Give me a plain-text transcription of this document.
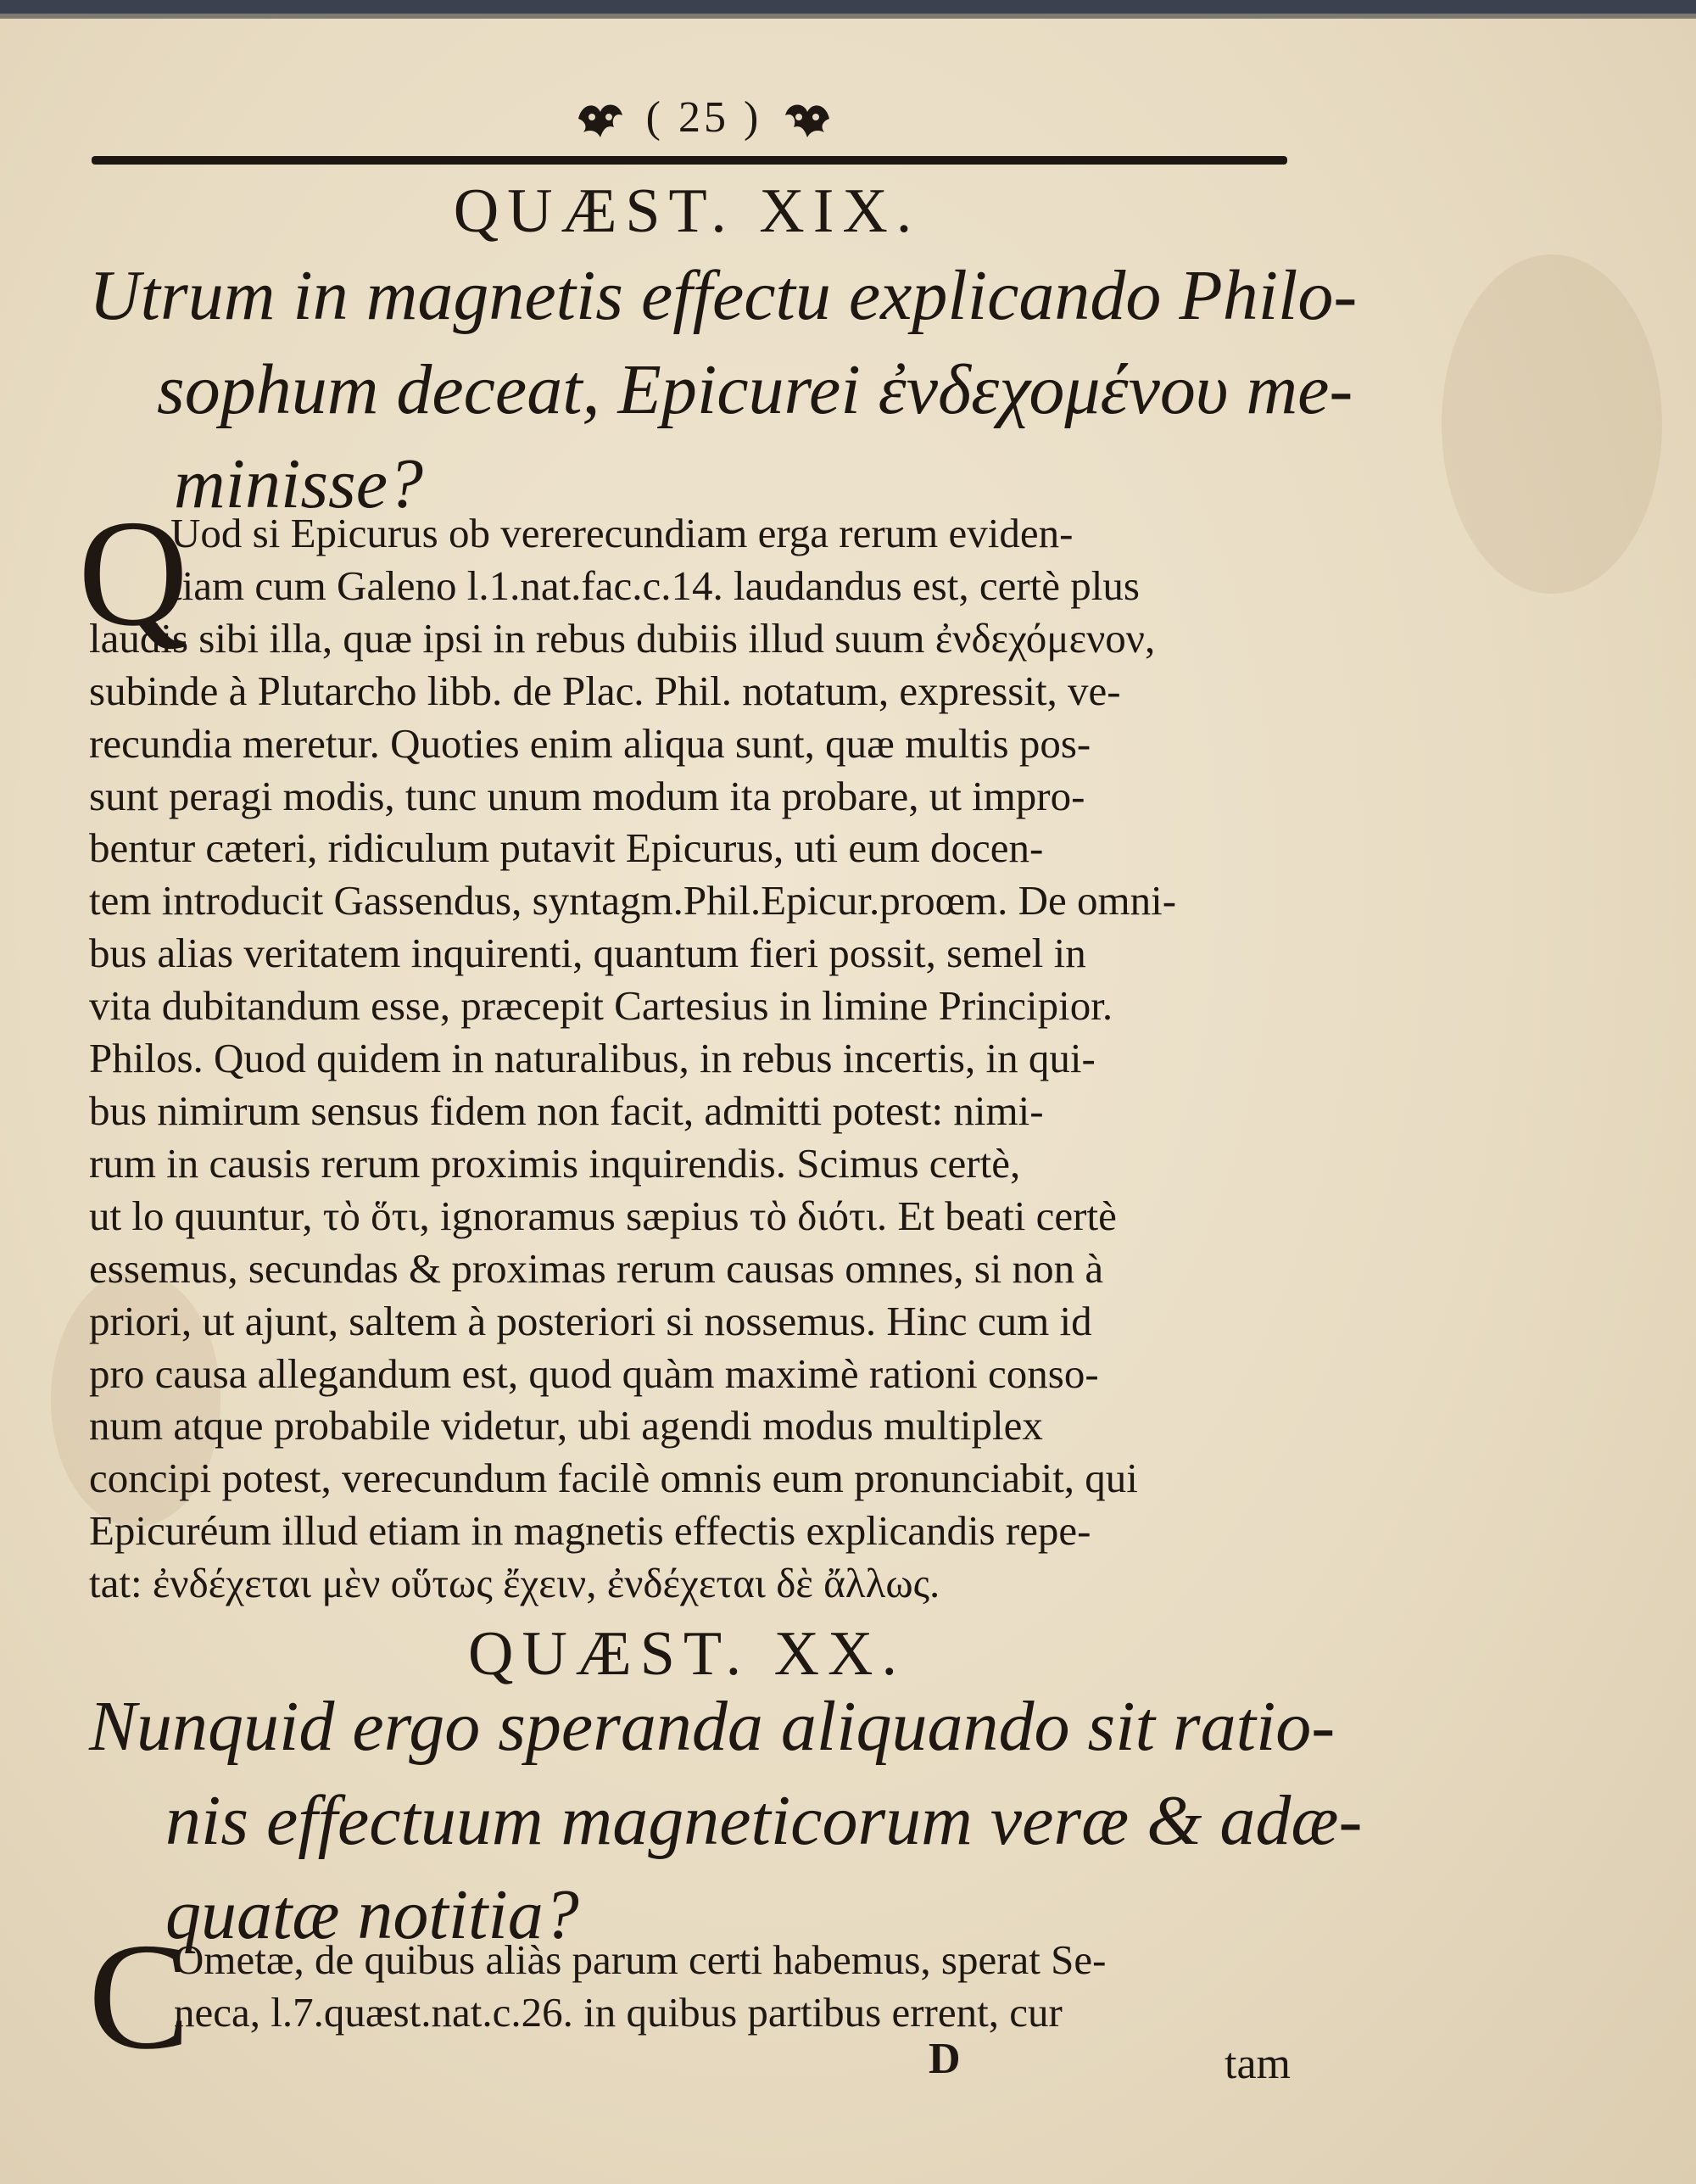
( 25 )
QUÆST. XIX.
Utrum in magnetis effectu explicando Philo-
sophum deceat, Epicurei ἐνδεχομένου me-
minisse?
Q
Uod si Epicurus ob vererecundiam erga rerum eviden-
tiam cum Galeno l.1.nat.fac.c.14. laudandus est, certè plus
laudis sibi illa, quæ ipsi in rebus dubiis illud suum ἐνδεχόμενον,
subinde à Plutarcho libb. de Plac. Phil. notatum, expressit, ve-
recundia meretur. Quoties enim aliqua sunt, quæ multis pos-
sunt peragi modis, tunc unum modum ita probare, ut impro-
bentur cæteri, ridiculum putavit Epicurus, uti eum docen-
tem introducit Gassendus, syntagm.Phil.Epicur.proœm. De omni-
bus alias veritatem inquirenti, quantum fieri possit, semel in
vita dubitandum esse, præcepit Cartesius in limine Principior.
Philos. Quod quidem in naturalibus, in rebus incertis, in qui-
bus nimirum sensus fidem non facit, admitti potest: nimi-
rum in causis rerum proximis inquirendis. Scimus certè,
ut lo quuntur, τὸ ὅτι, ignoramus sæpius τὸ διότι. Et beati certè
essemus, secundas & proximas rerum causas omnes, si non à
priori, ut ajunt, saltem à posteriori si nossemus. Hinc cum id
pro causa allegandum est, quod quàm maximè rationi conso-
num atque probabile videtur, ubi agendi modus multiplex
concipi potest, verecundum facilè omnis eum pronunciabit, qui
Epicuréum illud etiam in magnetis effectis explicandis repe-
tat: ἐνδέχεται μὲν οὕτως ἔχειν, ἐνδέχεται δὲ ἄλλως.
QUÆST. XX.
Nunquid ergo speranda aliquando sit ratio-
nis effectuum magneticorum veræ & adæ-
quatæ notitia?
C
Ometæ, de quibus aliàs parum certi habemus, sperat Se-
neca, l.7.quæst.nat.c.26. in quibus partibus errent, cur
D	tam
